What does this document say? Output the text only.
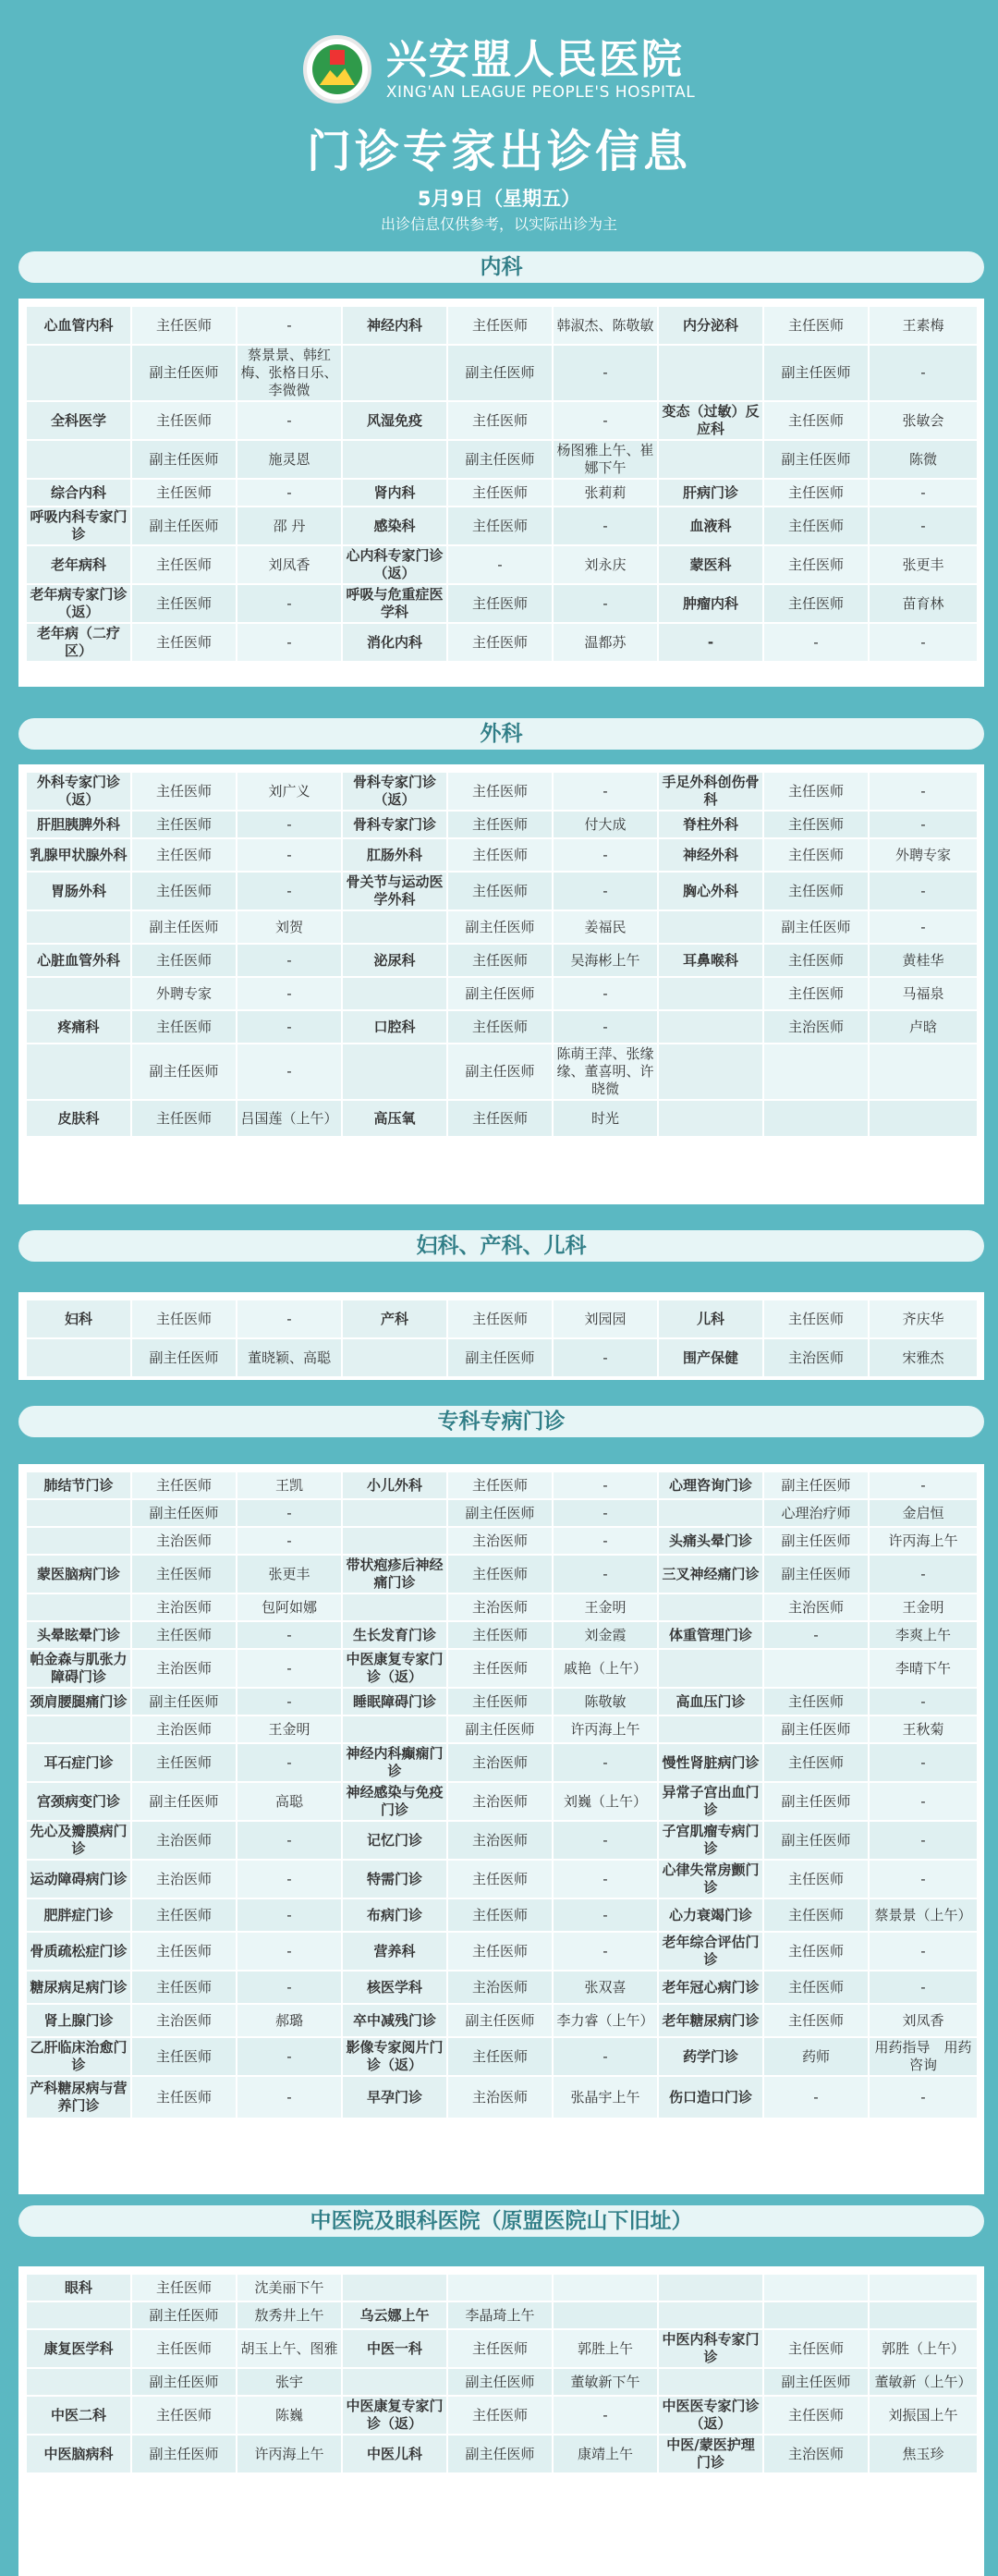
兴安盟人民医院
XING'AN LEAGUE PEOPLE'S HOSPITAL
门诊专家出诊信息
5月9日（星期五）
出诊信息仅供参考，以实际出诊为主
内科
心血管内科	主任医师	-	神经内科	主任医师	韩淑杰、陈敬敏	内分泌科	主任医师	王素梅
	副主任医师	蔡景景、韩红梅、张格日乐、李微微		副主任医师	-		副主任医师	-
全科医学	主任医师	-	风湿免疫	主任医师	-	变态（过敏）反应科	主任医师	张敏会
	副主任医师	施灵恩		副主任医师	杨图雅上午、崔娜下午		副主任医师	陈微
综合内科	主任医师	-	肾内科	主任医师	张莉莉	肝病门诊	主任医师	-
呼吸内科专家门诊	副主任医师	邵 丹	感染科	主任医师	-	血液科	主任医师	-
老年病科	主任医师	刘凤香	心内科专家门诊（返）	-	刘永庆	蒙医科	主任医师	张更丰
老年病专家门诊（返）	主任医师	-	呼吸与危重症医学科	主任医师	-	肿瘤内科	主任医师	苗育林
老年病（二疗区）	主任医师	-	消化内科	主任医师	温都苏	-	-	-
外科
外科专家门诊（返）	主任医师	刘广义	骨科专家门诊（返）	主任医师	-	手足外科创伤骨科	主任医师	-
肝胆胰脾外科	主任医师	-	骨科专家门诊	主任医师	付大成	脊柱外科	主任医师	-
乳腺甲状腺外科	主任医师	-	肛肠外科	主任医师	-	神经外科	主任医师	外聘专家
胃肠外科	主任医师	-	骨关节与运动医学外科	主任医师	-	胸心外科	主任医师	-
	副主任医师	刘贺		副主任医师	姜福民		副主任医师	-
心脏血管外科	主任医师	-	泌尿科	主任医师	吴海彬上午	耳鼻喉科	主任医师	黄桂华
	外聘专家	-		副主任医师	-		主任医师	马福泉
疼痛科	主任医师	-	口腔科	主任医师	-		主治医师	卢晗
	副主任医师	-		副主任医师	陈萌王萍、张缘缘、董喜明、许晓微			
皮肤科	主任医师	吕国莲（上午）	高压氧	主任医师	时光			
妇科、产科、儿科
妇科	主任医师	-	产科	主任医师	刘园园	儿科	主任医师	齐庆华
	副主任医师	董晓颖、高聪		副主任医师	-	围产保健	主治医师	宋雅杰
专科专病门诊
肺结节门诊	主任医师	王凯	小儿外科	主任医师	-	心理咨询门诊	副主任医师	-
	副主任医师	-		副主任医师	-		心理治疗师	金启恒
	主治医师	-		主治医师	-	头痛头晕门诊	副主任医师	许丙海上午
蒙医脑病门诊	主任医师	张更丰	带状疱疹后神经痛门诊	主任医师	-	三叉神经痛门诊	副主任医师	-
	主治医师	包阿如娜		主治医师	王金明		主治医师	王金明
头晕眩晕门诊	主任医师	-	生长发育门诊	主任医师	刘金霞	体重管理门诊	-	李爽上午
帕金森与肌张力障碍门诊	主治医师	-	中医康复专家门诊（返）	主任医师	戚艳（上午）			李晴下午
颈肩腰腿痛门诊	副主任医师	-	睡眠障碍门诊	主任医师	陈敬敏	高血压门诊	主任医师	-
	主治医师	王金明		副主任医师	许丙海上午		副主任医师	王秋菊
耳石症门诊	主任医师	-	神经内科癫痫门诊	主治医师	-	慢性肾脏病门诊	主任医师	-
宫颈病变门诊	副主任医师	高聪	神经感染与免疫门诊	主治医师	刘巍（上午）	异常子宫出血门诊	副主任医师	-
先心及瓣膜病门诊	主治医师	-	记忆门诊	主治医师	-	子宫肌瘤专病门诊	副主任医师	-
运动障碍病门诊	主治医师	-	特需门诊	主任医师	-	心律失常房颤门诊	主任医师	-
肥胖症门诊	主任医师	-	布病门诊	主任医师	-	心力衰竭门诊	主任医师	蔡景景（上午）
骨质疏松症门诊	主任医师	-	营养科	主任医师	-	老年综合评估门诊	主任医师	-
糖尿病足病门诊	主任医师	-	核医学科	主治医师	张双喜	老年冠心病门诊	主任医师	-
肾上腺门诊	主治医师	郝璐	卒中减残门诊	副主任医师	李力睿（上午）	老年糖尿病门诊	主任医师	刘凤香
乙肝临床治愈门诊	主任医师	-	影像专家阅片门诊（返）	主任医师	-	药学门诊	药师	用药指导　用药咨询
产科糖尿病与营养门诊	主任医师	-	早孕门诊	主治医师	张晶宇上午	伤口造口门诊	-	-
中医院及眼科医院（原盟医院山下旧址）
眼科	主任医师	沈美丽下午						
	副主任医师	敖秀井上午	乌云娜上午	李晶琦上午				
康复医学科	主任医师	胡玉上午、图雅	中医一科	主任医师	郭胜上午	中医内科专家门诊	主任医师	郭胜（上午）
	副主任医师	张宇		副主任医师	董敏新下午		副主任医师	董敏新（上午）
中医二科	主任医师	陈巍	中医康复专家门诊（返）	主任医师	-	中医医专家门诊（返）	主任医师	刘振国上午
中医脑病科	副主任医师	许丙海上午	中医儿科	副主任医师	康靖上午	中医/蒙医护理门诊	主治医师	焦玉珍
